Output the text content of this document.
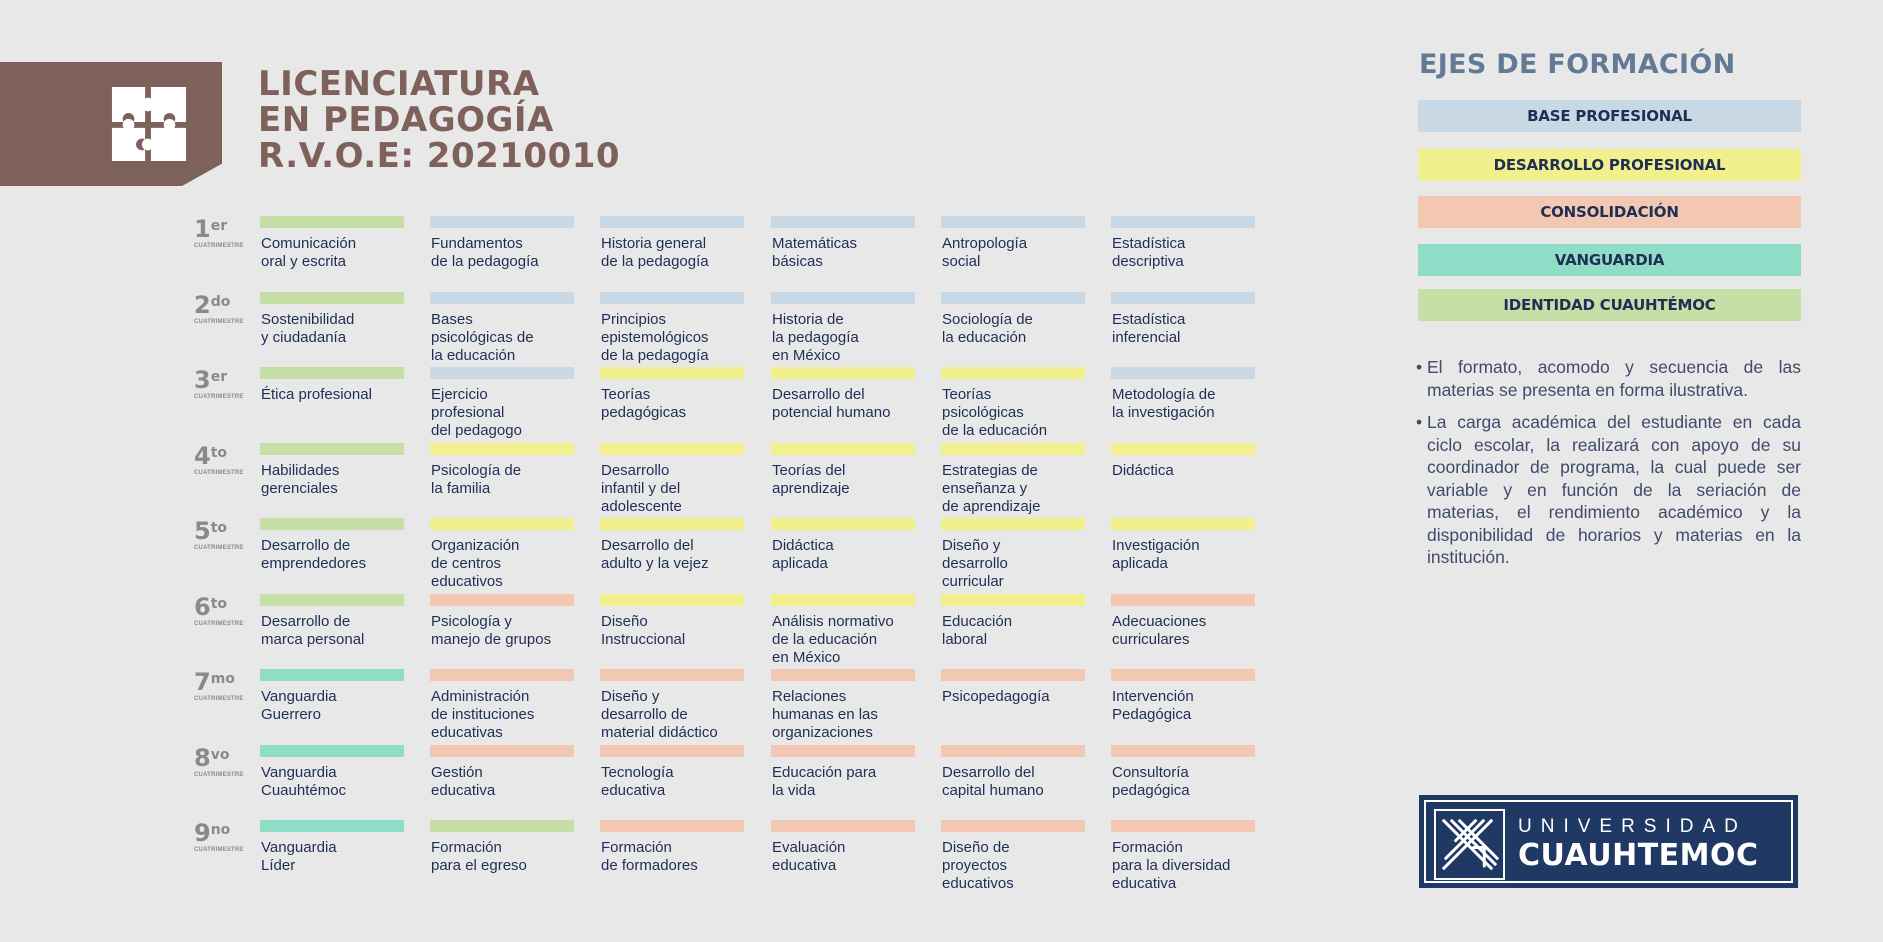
LICENCIATURA
EN PEDAGOGÍA
R.V.O.E: 20210010
1er
CUATRIMESTRE Comunicación
oral y escrita
Fundamentos
de la pedagogía
Historia general
de la pedagogía
Matemáticas
básicas
Antropología
social
Estadística
descriptiva
$2^{do}$
CUATRIMESTRE Sostenibilidad
y ciudadanía
Bases
psicológicas de
la educación
Principios
epistemológicos
de la pedagogía
Historia de
la pedagogía
en México
Sociología de
la educación
Estadística
inferencial
3er
CUATRIMESTRE Ética profesional	Ejercicio
profesional
del pedagogo
Teorías
pedagógicas
Desarrollo del
potencial humano
Teorías
psicológicas
de la educación
Metodología de
la investigación
$4^{to}$
CUATRIMESTRE Habilidades
gerenciales
Psicología de
la familia
Desarrollo
infantil y del
adolescente
Teorías del
aprendizaje
Estrategias de
enseñanza y
de aprendizaje
Didáctica
$5^{to}$
CUATRIMESTRE Desarrollo de
emprendedores
Organización
de centros
educativos
Desarrollo del
adulto y la vejez
Didáctica
aplicada
Diseño y
desarrollo
curricular
Investigación
aplicada
$6^{to}$
CUATRIMESTRE Desarrollo de
marca personal
Psicología y
manejo de grupos
Diseño
Instruccional
Análisis normativo
de la educación
en México
Educación
laboral
Adecuaciones
curriculares
$7^{mo}$
CUATRIMESTRE Vanguardia
Guerrero
Administración
de instituciones
educativas
Diseño y
desarrollo de
material didáctico
Relaciones
humanas en las
organizaciones
Psicopedagogía	Intervención
Pedagógica
$8^{vo}$
CUATRIMESTRE Vanguardia
Cuauhtémoc
Gestión
educativa
Tecnología
educativa
Educación para
la vida
Desarrollo del
capital humano
Consultoría
pedagógica
$9^{no}$
CUATRIMESTRE Vanguardia
Líder
Formación
para el egreso
Formación
de formadores
Evaluación
educativa
Diseño de
proyectos
educativos
Formación
para la diversidad
educativa
EJES DE FORMACIÓN
BASE PROFESIONAL
DESARROLLO PROFESIONAL
CONSOLIDACIÓN
VANGUARDIA
IDENTIDAD CUAUHTÉMOC
• El formato, acomodo y secuencia de las materias se presenta en forma ilustrativa.
• La carga académica del estudiante en cada ciclo escolar, la realizará con apoyo de su coordinador de programa, la cual puede ser variable y en función de la seriación de materias, el rendimiento académico y la disponibilidad de horarios y materias en la institución.
UNIVERSIDAD
CUAUHTEMOC
